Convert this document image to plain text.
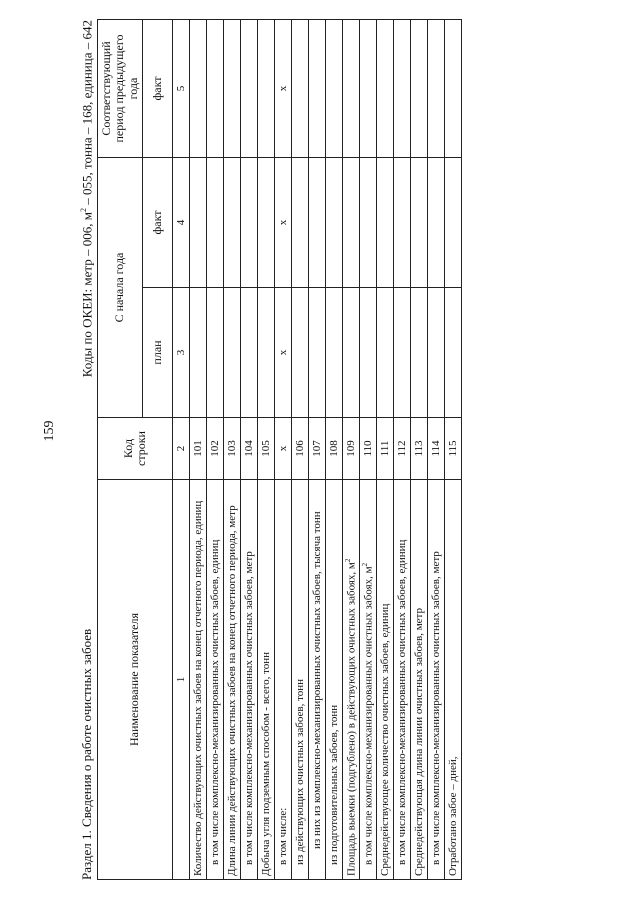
159
Раздел 1. Сведения о работе очистных забоев
Коды по ОКЕИ: метр – 006, $м^2 - 055$, тонна – 168, единица – 642
Наименование показателя	Код строки	С начала года		Соответствующий период предыдущего года
		план	факт	факт
1	2	3	4	5
Количество действующих очистных забоев на конец отчетного периода, единиц	101			
в том числе комплексно-механизированных очистных забоев, единиц	102			
Длина линии действующих очистных забоев на конец отчетного периода, метр	103			
в том числе комплексно-механизированных очистных забоев, метр	104			
Добыча угля подземным способом - всего, тонн	105			
в том числе:	х	х	х	х
из действующих очистных забоев, тонн	106			
из них из комплексно-механизированных очистных забоев, тысяча тонн	107			
из подготовительных забоев, тонн	108			
Площадь выемки (подгублено) в действующих очистных забоях, $м^2$	109			
в том числе комплексно-механизированных очистных забоях, $м^2$	110			
Среднедействующее количество очистных забоев, единиц	111			
в том числе комплексно-механизированных очистных забоев, единиц	112			
Среднедействующая длина линии очистных забоев, метр	113			
в том числе комплексно-механизированных очистных забоев, метр	114			
Отработано забое – дней,	115			
